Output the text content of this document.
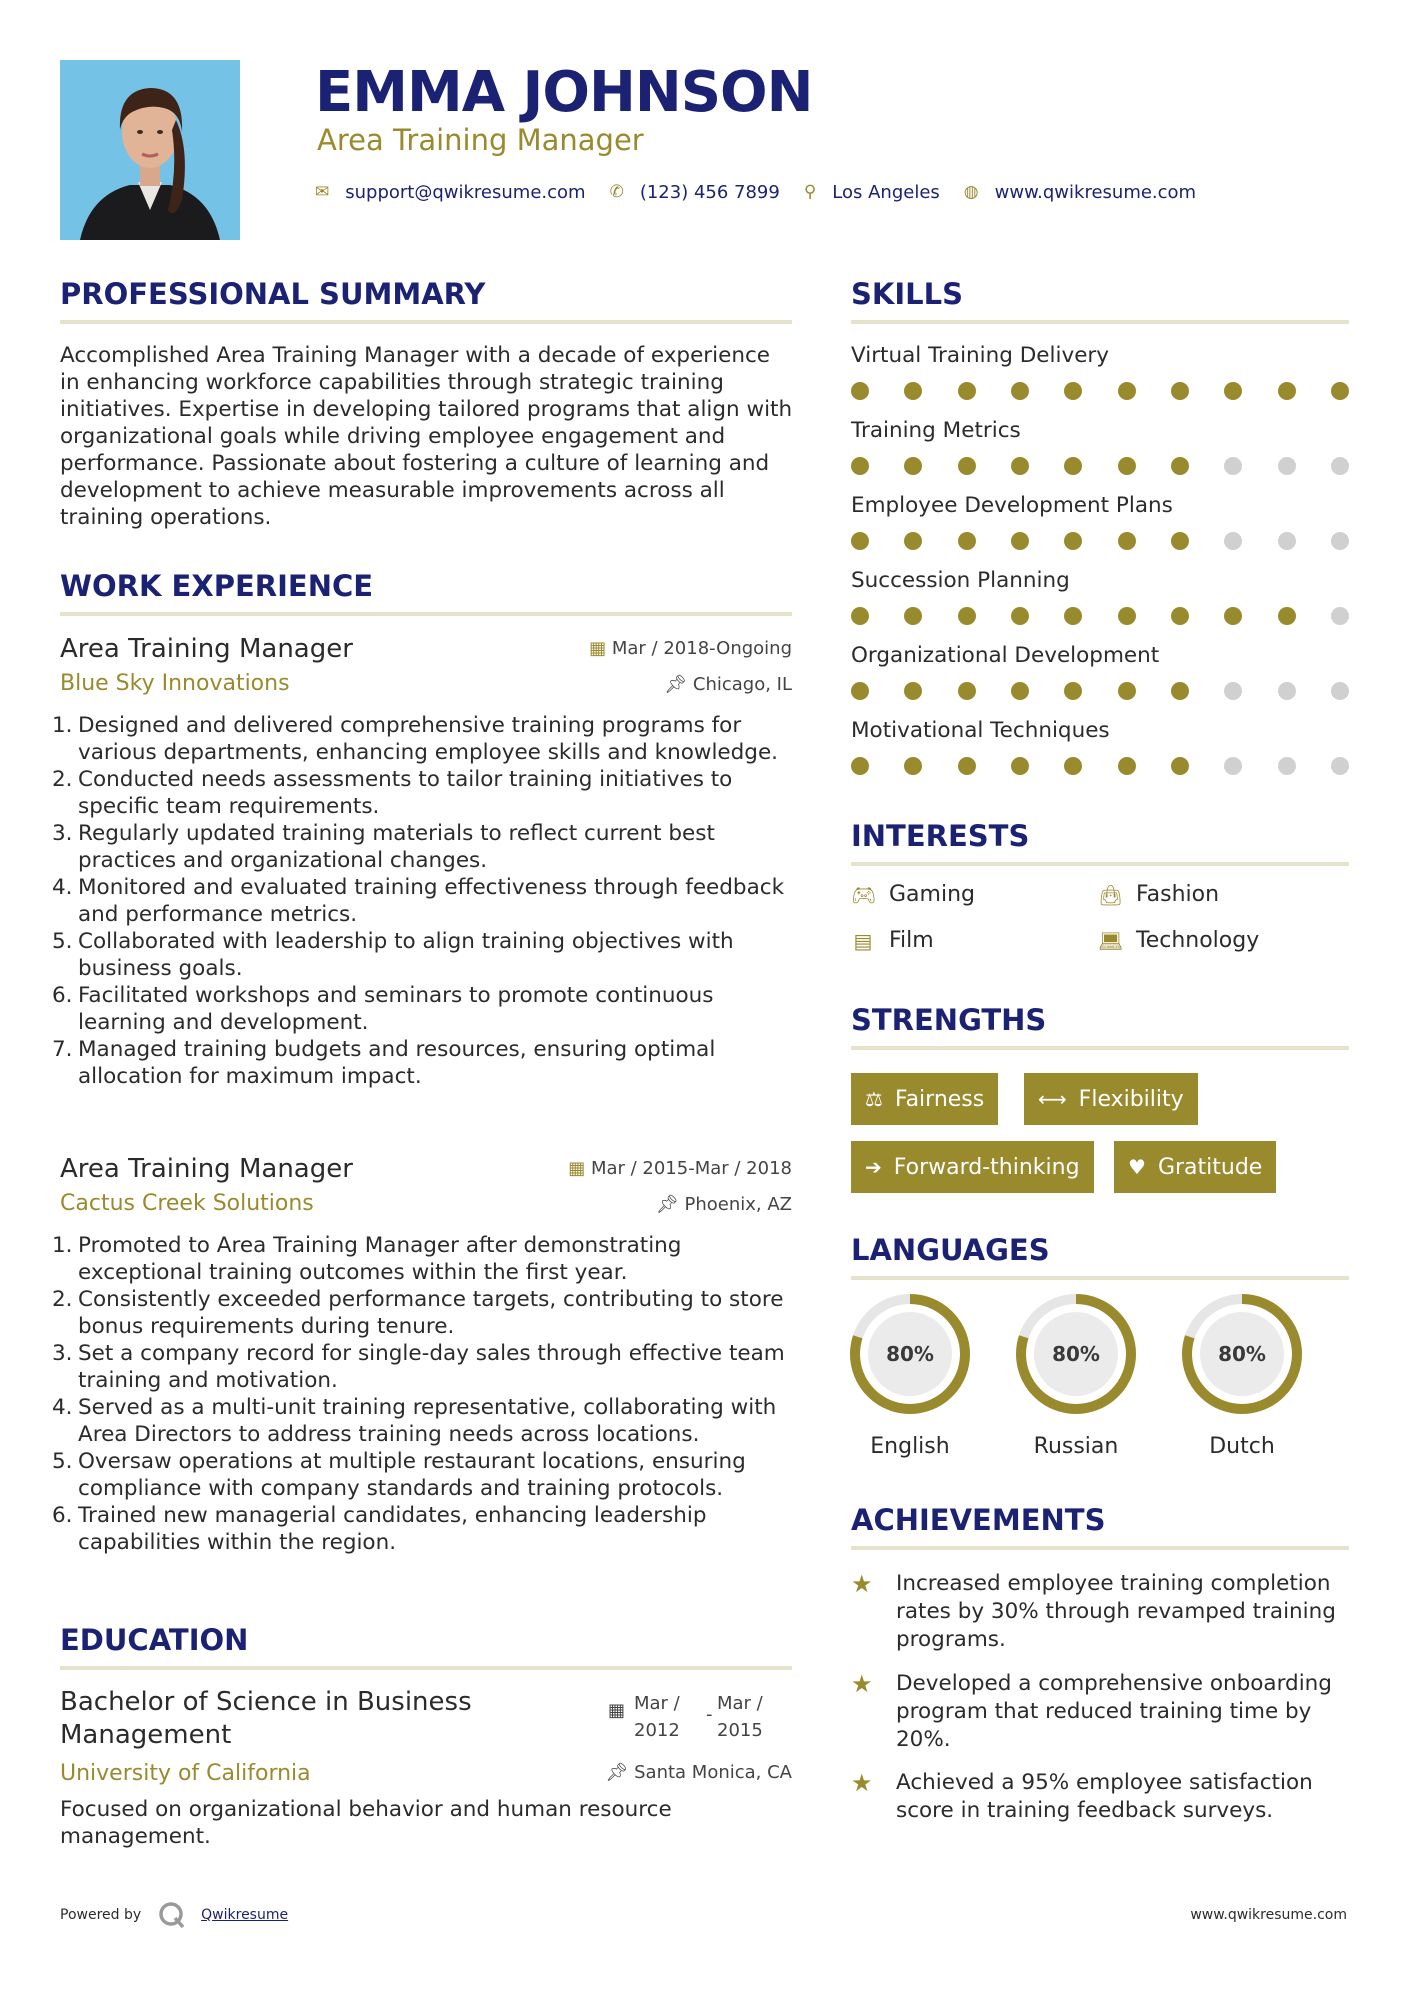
EMMA JOHNSON
Area Training Manager
✉ support@qwikresume.com ✆ (123) 456 7899 ⚲ Los Angeles ◍ www.qwikresume.com
PROFESSIONAL SUMMARY
Accomplished Area Training Manager with a decade of experience in enhancing workforce capabilities through strategic training initiatives. Expertise in developing tailored programs that align with organizational goals while driving employee engagement and performance. Passionate about fostering a culture of learning and development to achieve measurable improvements across all training operations.
WORK EXPERIENCE
Area Training Manager
Blue Sky Innovations
▦ Mar / 2018-Ongoing
📌︎ Chicago, IL
1. Designed and delivered comprehensive training programs for various departments, enhancing employee skills and knowledge.
2. Conducted needs assessments to tailor training initiatives to specific team requirements.
3. Regularly updated training materials to reflect current best practices and organizational changes.
4. Monitored and evaluated training effectiveness through feedback and performance metrics.
5. Collaborated with leadership to align training objectives with business goals.
6. Facilitated workshops and seminars to promote continuous learning and development.
7. Managed training budgets and resources, ensuring optimal allocation for maximum impact.
Area Training Manager
Cactus Creek Solutions
▦ Mar / 2015-Mar / 2018
📌︎ Phoenix, AZ
1. Promoted to Area Training Manager after demonstrating exceptional training outcomes within the first year.
2. Consistently exceeded performance targets, contributing to store bonus requirements during tenure.
3. Set a company record for single-day sales through effective team training and motivation.
4. Served as a multi-unit training representative, collaborating with Area Directors to address training needs across locations.
5. Oversaw operations at multiple restaurant locations, ensuring compliance with company standards and training protocols.
6. Trained new managerial candidates, enhancing leadership capabilities within the region.
EDUCATION
Bachelor of Science in Business Management
University of California
Focused on organizational behavior and human resource management.
▦ Mar / 2012
-
Mar / 2015
📌︎ Santa Monica, CA
SKILLS
Virtual Training Delivery
Training Metrics
Employee Development Plans
Succession Planning
Organizational Development
Motivational Techniques
INTERESTS
🎮︎ Gaming	👜︎ Fashion
▤ Film	💻︎ Technology
STRENGTHS
⚖ Fairness	⟷ Flexibility
➔ Forward-thinking ♥ Gratitude
LANGUAGES
80%
English
80%
Russian
80%
Dutch
ACHIEVEMENTS
★ Increased employee training completion rates by 30% through revamped training programs.
★ Developed a comprehensive onboarding program that reduced training time by 20%.
★ Achieved a 95% employee satisfaction score in training feedback surveys.
Powered by	Qwikresume	www.qwikresume.com
